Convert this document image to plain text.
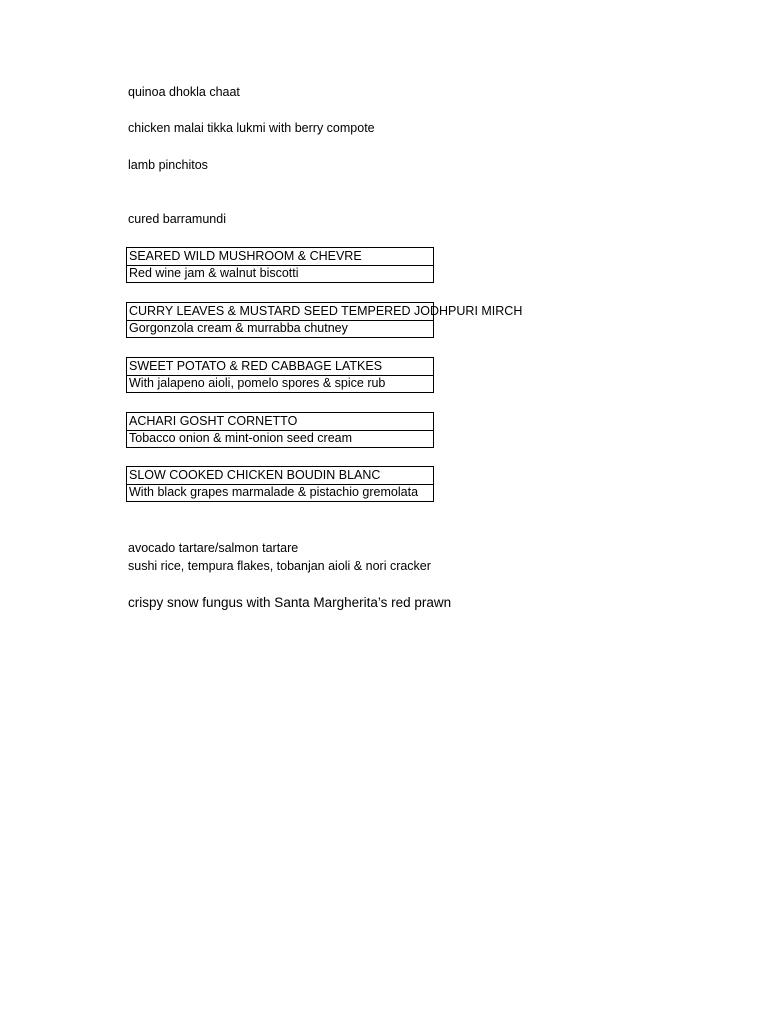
quinoa dhokla chaat
chicken malai tikka lukmi with berry compote
lamb pinchitos
cured barramundi
SEARED WILD MUSHROOM & CHEVRE
Red wine jam & walnut biscotti
CURRY LEAVES & MUSTARD SEED TEMPERED JODHPURI MIRCH
Gorgonzola cream & murrabba chutney
SWEET POTATO & RED CABBAGE LATKES
With jalapeno aioli, pomelo spores & spice rub
ACHARI GOSHT CORNETTO
Tobacco onion & mint-onion seed cream
SLOW COOKED CHICKEN BOUDIN BLANC
With black grapes marmalade & pistachio gremolata
avocado tartare/salmon tartare
sushi rice, tempura flakes, tobanjan aioli & nori cracker
crispy snow fungus with Santa Margherita’s red prawn
